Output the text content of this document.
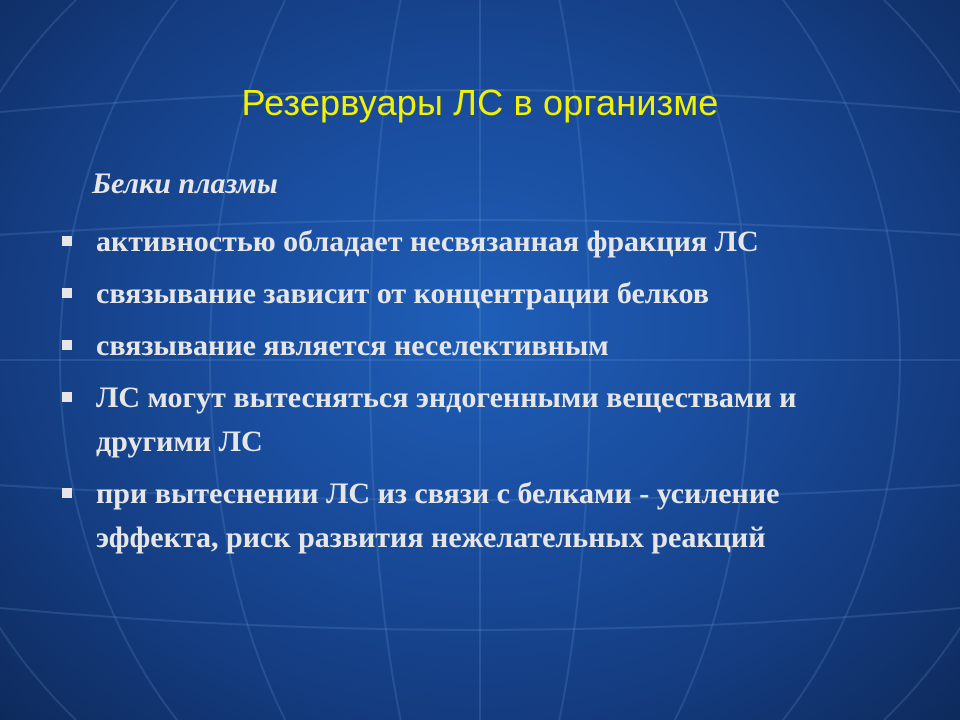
Резервуары ЛС в организме
Белки плазмы
активностью обладает несвязанная фракция ЛС
связывание зависит от концентрации белков
связывание является неселективным
ЛС могут вытесняться эндогенными веществами и другими ЛС
при вытеснении ЛС из связи с белками - усиление эффекта, риск развития нежелательных реакций
